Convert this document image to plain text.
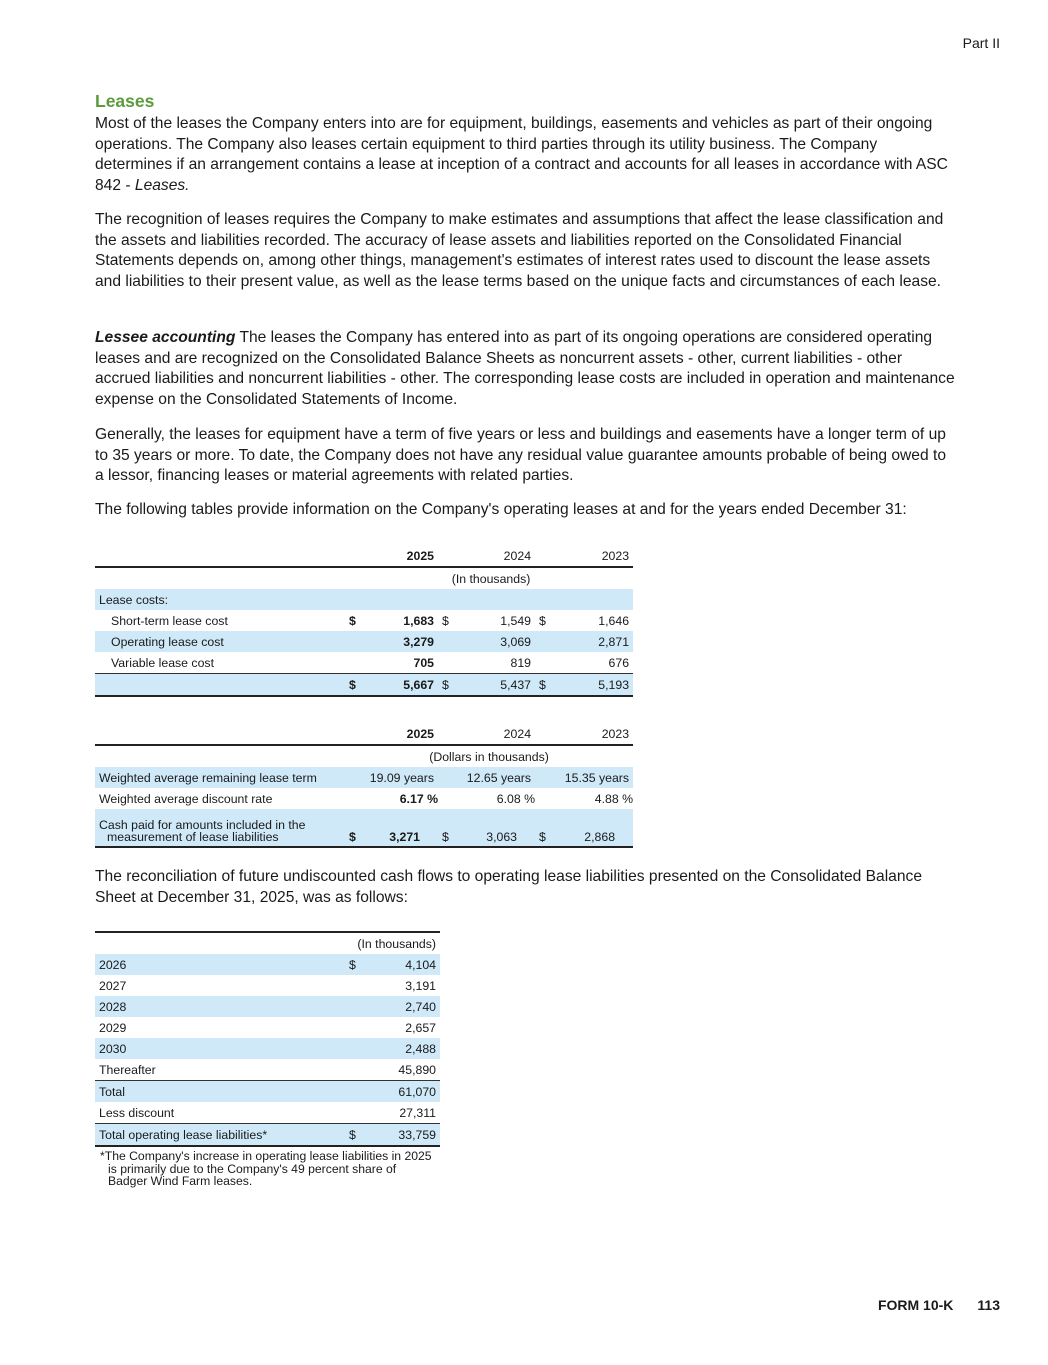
Part II
Leases

Most of the leases the Company enters into are for equipment, buildings, easements and vehicles as part of their ongoing operations. The Company also leases certain equipment to third parties through its utility business. The Company determines if an arrangement contains a lease at inception of a contract and accounts for all leases in accordance with ASC 842 - Leases.

The recognition of leases requires the Company to make estimates and assumptions that affect the lease classification and the assets and liabilities recorded. The accuracy of lease assets and liabilities reported on the Consolidated Financial Statements depends on, among other things, management's estimates of interest rates used to discount the lease assets and liabilities to their present value, as well as the lease terms based on the unique facts and circumstances of each lease.

Lessee accounting The leases the Company has entered into as part of its ongoing operations are considered operating leases and are recognized on the Consolidated Balance Sheets as noncurrent assets - other, current liabilities - other accrued liabilities and noncurrent liabilities - other. The corresponding lease costs are included in operation and maintenance expense on the Consolidated Statements of Income.

Generally, the leases for equipment have a term of five years or less and buildings and easements have a longer term of up to 35 years or more. To date, the Company does not have any residual value guarantee amounts probable of being owed to a lessor, financing leases or material agreements with related parties.

The following tables provide information on the Company's operating leases at and for the years ended December 31:

	2025		2024		2023	
	(In thousands)					
Lease costs:						
Short-term lease cost	$	1,683	$	1,549	$	1,646
Operating lease cost		3,279		3,069		2,871
Variable lease cost		705		819		676
	$	5,667	$	5,437	$	5,193
	2025		2024		2023	
	(Dollars in thousands)					
Weighted average remaining lease term		19.09 years		12.65 years		15.35 years
Weighted average discount rate		6.17 %		6.08 %		4.88 %
Cash paid for amounts included in the
measurement of lease liabilities	$	3,271	$	3,063	$	2,868

The reconciliation of future undiscounted cash flows to operating lease liabilities presented on the Consolidated Balance Sheet at December 31, 2025, was as follows:

	(In thousands)	
2026	$	4,104
2027		3,191
2028		2,740
2029		2,657
2030		2,488
Thereafter		45,890
Total		61,070
Less discount		27,311
Total operating lease liabilities*	$	33,759
*The Company's increase in operating lease liabilities in 2025
is primarily due to the Company's 49 percent share of
Badger Wind Farm leases.
FORM 10-K 113
